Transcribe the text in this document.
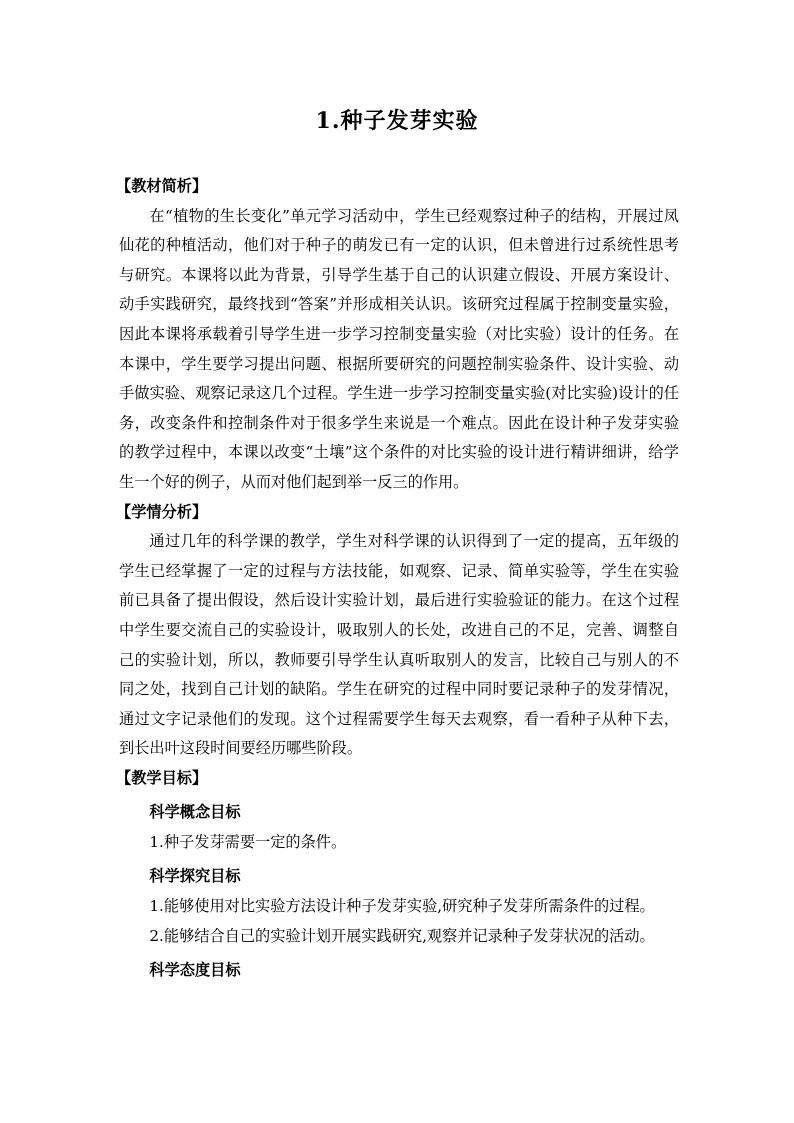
1.种子发芽实验

【教材简析】

在“植物的生长变化”单元学习活动中，学生已经观察过种子的结构，开展过凤仙花的种植活动，他们对于种子的萌发已有一定的认识，但未曾进行过系统性思考与研究。本课将以此为背景，引导学生基于自己的认识建立假设、开展方案设计、动手实践研究，最终找到“答案”并形成相关认识。该研究过程属于控制变量实验，因此本课将承载着引导学生进一步学习控制变量实验（对比实验）设计的任务。在本课中，学生要学习提出问题、根据所要研究的问题控制实验条件、设计实验、动手做实验、观察记录这几个过程。学生进一步学习控制变量实验(对比实验)设计的任务，改变条件和控制条件对于很多学生来说是一个难点。因此在设计种子发芽实验的教学过程中，本课以改变“土壤”这个条件的对比实验的设计进行精讲细讲，给学生一个好的例子，从而对他们起到举一反三的作用。

【学情分析】

通过几年的科学课的教学，学生对科学课的认识得到了一定的提高，五年级的学生已经掌握了一定的过程与方法技能，如观察、记录、简单实验等，学生在实验前已具备了提出假设，然后设计实验计划，最后进行实验验证的能力。在这个过程中学生要交流自己的实验设计，吸取别人的长处，改进自己的不足，完善、调整自己的实验计划，所以，教师要引导学生认真听取别人的发言，比较自己与别人的不同之处，找到自己计划的缺陷。学生在研究的过程中同时要记录种子的发芽情况，通过文字记录他们的发现。这个过程需要学生每天去观察，看一看种子从种下去，到长出叶这段时间要经历哪些阶段。

【教学目标】

科学概念目标

1.种子发芽需要一定的条件。

科学探究目标

1.能够使用对比实验方法设计种子发芽实验,研究种子发芽所需条件的过程。

2.能够结合自己的实验计划开展实践研究,观察并记录种子发芽状况的活动。

科学态度目标
